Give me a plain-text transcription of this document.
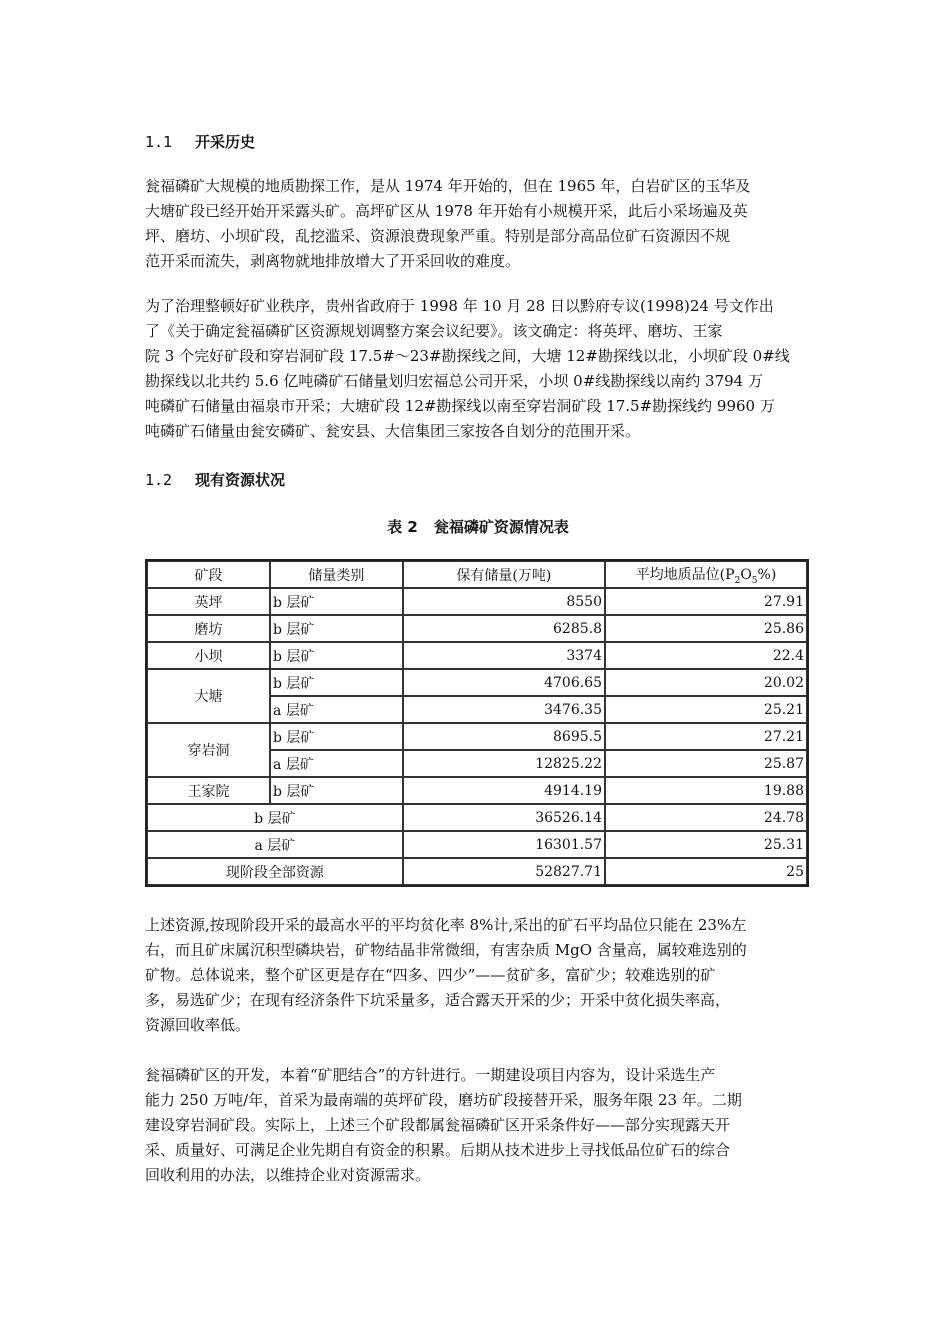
1.1 开采历史
瓮福磷矿大规模的地质勘探工作，是从 1974 年开始的，但在 1965 年，白岩矿区的玉华及
大塘矿段已经开始开采露头矿。高坪矿区从 1978 年开始有小规模开采，此后小采场遍及英
坪、磨坊、小坝矿段，乱挖滥采、资源浪费现象严重。特别是部分高品位矿石资源因不规
范开采而流失，剥离物就地排放增大了开采回收的难度。
为了治理整顿好矿业秩序，贵州省政府于 1998 年 10 月 28 日以黔府专议(1998)24 号文作出
了《关于确定瓮福磷矿区资源规划调整方案会议纪要》。该文确定：将英坪、磨坊、王家
院 3 个完好矿段和穿岩洞矿段 17.5#～23#勘探线之间，大塘 12#勘探线以北，小坝矿段 0#线
勘探线以北共约 5.6 亿吨磷矿石储量划归宏福总公司开采，小坝 0#线勘探线以南约 3794 万
吨磷矿石储量由福泉市开采；大塘矿段 12#勘探线以南至穿岩洞矿段 17.5#勘探线约 9960 万
吨磷矿石储量由瓮安磷矿、瓮安县、大信集团三家按各自划分的范围开采。
1.2 现有资源状况
表 2 瓮福磷矿资源情况表
矿段	储量类别	保有储量(万吨)	平均地质品位$(P_2O_5\%)$
英坪	b 层矿	8550	27.91
磨坊	b 层矿	6285.8	25.86
小坝	b 层矿	3374	22.4
大塘	b 层矿	4706.65	20.02
	a 层矿	3476.35	25.21
穿岩洞	b 层矿	8695.5	27.21
	a 层矿	12825.22	25.87
王家院	b 层矿	4914.19	19.88
b 层矿		36526.14	24.78
a 层矿		16301.57	25.31
现阶段全部资源		52827.71	25
上述资源,按现阶段开采的最高水平的平均贫化率 8%计,采出的矿石平均品位只能在 23%左
右，而且矿床属沉积型磷块岩，矿物结晶非常微细，有害杂质 MgO 含量高，属较难选别的
矿物。总体说来，整个矿区更是存在“四多、四少”——贫矿多，富矿少；较难选别的矿
多，易选矿少；在现有经济条件下坑采量多，适合露天开采的少；开采中贫化损失率高，
资源回收率低。
瓮福磷矿区的开发，本着“矿肥结合”的方针进行。一期建设项目内容为，设计采选生产
能力 250 万吨/年，首采为最南端的英坪矿段，磨坊矿段接替开采，服务年限 23 年。二期
建设穿岩洞矿段。实际上，上述三个矿段都属瓮福磷矿区开采条件好——部分实现露天开
采、质量好、可满足企业先期自有资金的积累。后期从技术进步上寻找低品位矿石的综合
回收利用的办法，以维持企业对资源需求。
